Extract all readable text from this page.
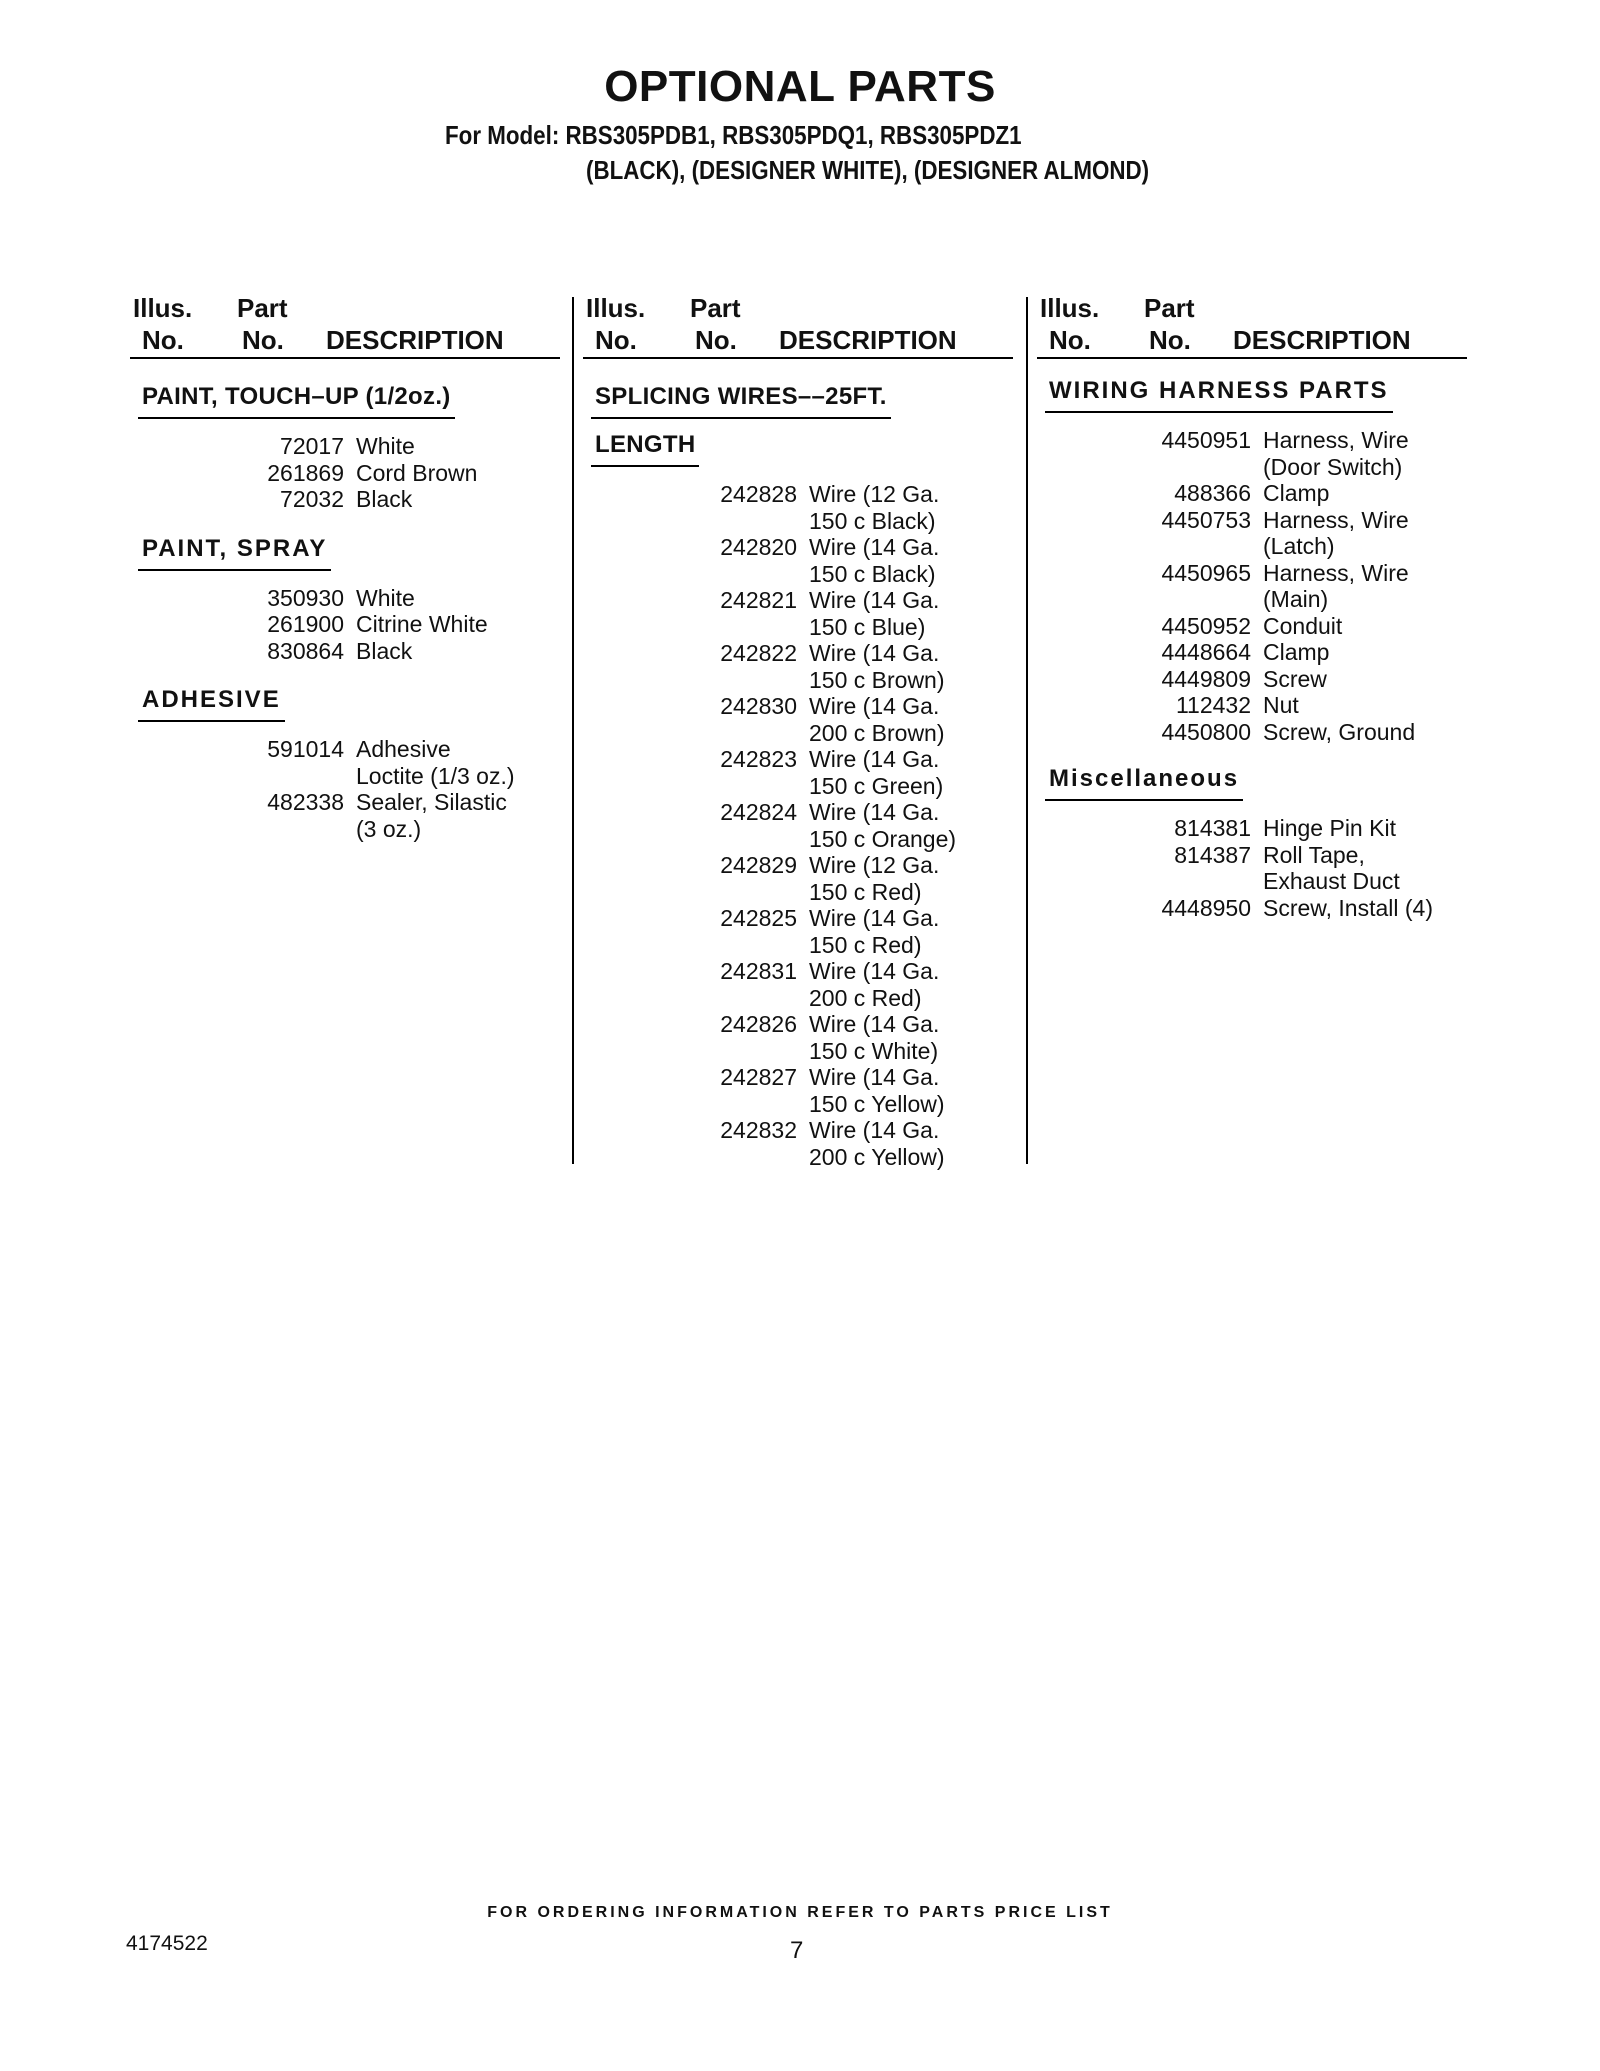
OPTIONAL PARTS
For Model: RBS305PDB1, RBS305PDQ1, RBS305PDZ1
(BLACK), (DESIGNER WHITE), (DESIGNER ALMOND)
Illus.
No.
Part
No. DESCRIPTION
PAINT, TOUCH–UP (1/2oz.)
72017 White
261869 Cord Brown
72032 Black
PAINT, SPRAY
350930 White
261900 Citrine White
830864 Black
ADHESIVE
591014 Adhesive
Loctite (1/3 oz.)
482338 Sealer, Silastic
(3 oz.)
Illus.
No.
Part
No. DESCRIPTION
SPLICING WIRES––25FT.
LENGTH
242828 Wire (12 Ga.
150 c Black)
242820 Wire (14 Ga.
150 c Black)
242821 Wire (14 Ga.
150 c Blue)
242822 Wire (14 Ga.
150 c Brown)
242830 Wire (14 Ga.
200 c Brown)
242823 Wire (14 Ga.
150 c Green)
242824 Wire (14 Ga.
150 c Orange)
242829 Wire (12 Ga.
150 c Red)
242825 Wire (14 Ga.
150 c Red)
242831 Wire (14 Ga.
200 c Red)
242826 Wire (14 Ga.
150 c White)
242827 Wire (14 Ga.
150 c Yellow)
242832 Wire (14 Ga.
200 c Yellow)
Illus.
No.
Part
No. DESCRIPTION
WIRING HARNESS PARTS
4450951 Harness, Wire
(Door Switch)
488366 Clamp
4450753 Harness, Wire
(Latch)
4450965 Harness, Wire
(Main)
4450952 Conduit
4448664 Clamp
4449809 Screw
112432 Nut
4450800 Screw, Ground
Miscellaneous
814381 Hinge Pin Kit
814387 Roll Tape,
Exhaust Duct
4448950 Screw, Install (4)
FOR ORDERING INFORMATION REFER TO PARTS PRICE LIST
4174522	7
